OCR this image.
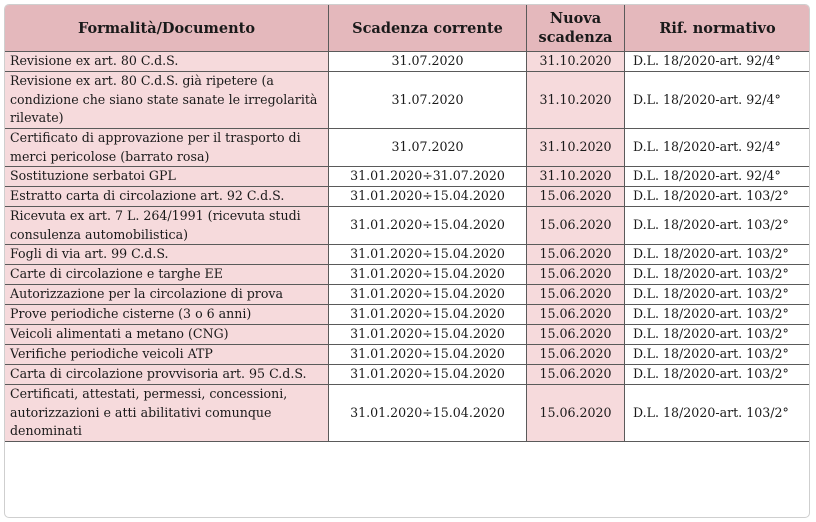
Formalità/Documento	Scadenza corrente	Nuova scadenza	Rif. normativo
Revisione ex art. 80 C.d.S.	31.07.2020	31.10.2020	D.L. 18/2020-art. 92/4°
Revisione ex art. 80 C.d.S. già ripetere (a condizione che siano state sanate le irregolarità rilevate)	31.07.2020	31.10.2020	D.L. 18/2020-art. 92/4°
Certificato di approvazione per il trasporto di merci pericolose (barrato rosa)	31.07.2020	31.10.2020	D.L. 18/2020-art. 92/4°
Sostituzione serbatoi GPL	31.01.2020÷31.07.2020	31.10.2020	D.L. 18/2020-art. 92/4°
Estratto carta di circolazione art. 92 C.d.S.	31.01.2020÷15.04.2020	15.06.2020	D.L. 18/2020-art. 103/2°
Ricevuta ex art. 7 L. 264/1991 (ricevuta studi consulenza automobilistica)	31.01.2020÷15.04.2020	15.06.2020	D.L. 18/2020-art. 103/2°
Fogli di via art. 99 C.d.S.	31.01.2020÷15.04.2020	15.06.2020	D.L. 18/2020-art. 103/2°
Carte di circolazione e targhe EE	31.01.2020÷15.04.2020	15.06.2020	D.L. 18/2020-art. 103/2°
Autorizzazione per la circolazione di prova	31.01.2020÷15.04.2020	15.06.2020	D.L. 18/2020-art. 103/2°
Prove periodiche cisterne (3 o 6 anni)	31.01.2020÷15.04.2020	15.06.2020	D.L. 18/2020-art. 103/2°
Veicoli alimentati a metano (CNG)	31.01.2020÷15.04.2020	15.06.2020	D.L. 18/2020-art. 103/2°
Verifiche periodiche veicoli ATP	31.01.2020÷15.04.2020	15.06.2020	D.L. 18/2020-art. 103/2°
Carta di circolazione provvisoria art. 95 C.d.S.	31.01.2020÷15.04.2020	15.06.2020	D.L. 18/2020-art. 103/2°
Certificati, attestati, permessi, concessioni, autorizzazioni e atti abilitativi comunque denominati	31.01.2020÷15.04.2020	15.06.2020	D.L. 18/2020-art. 103/2°
